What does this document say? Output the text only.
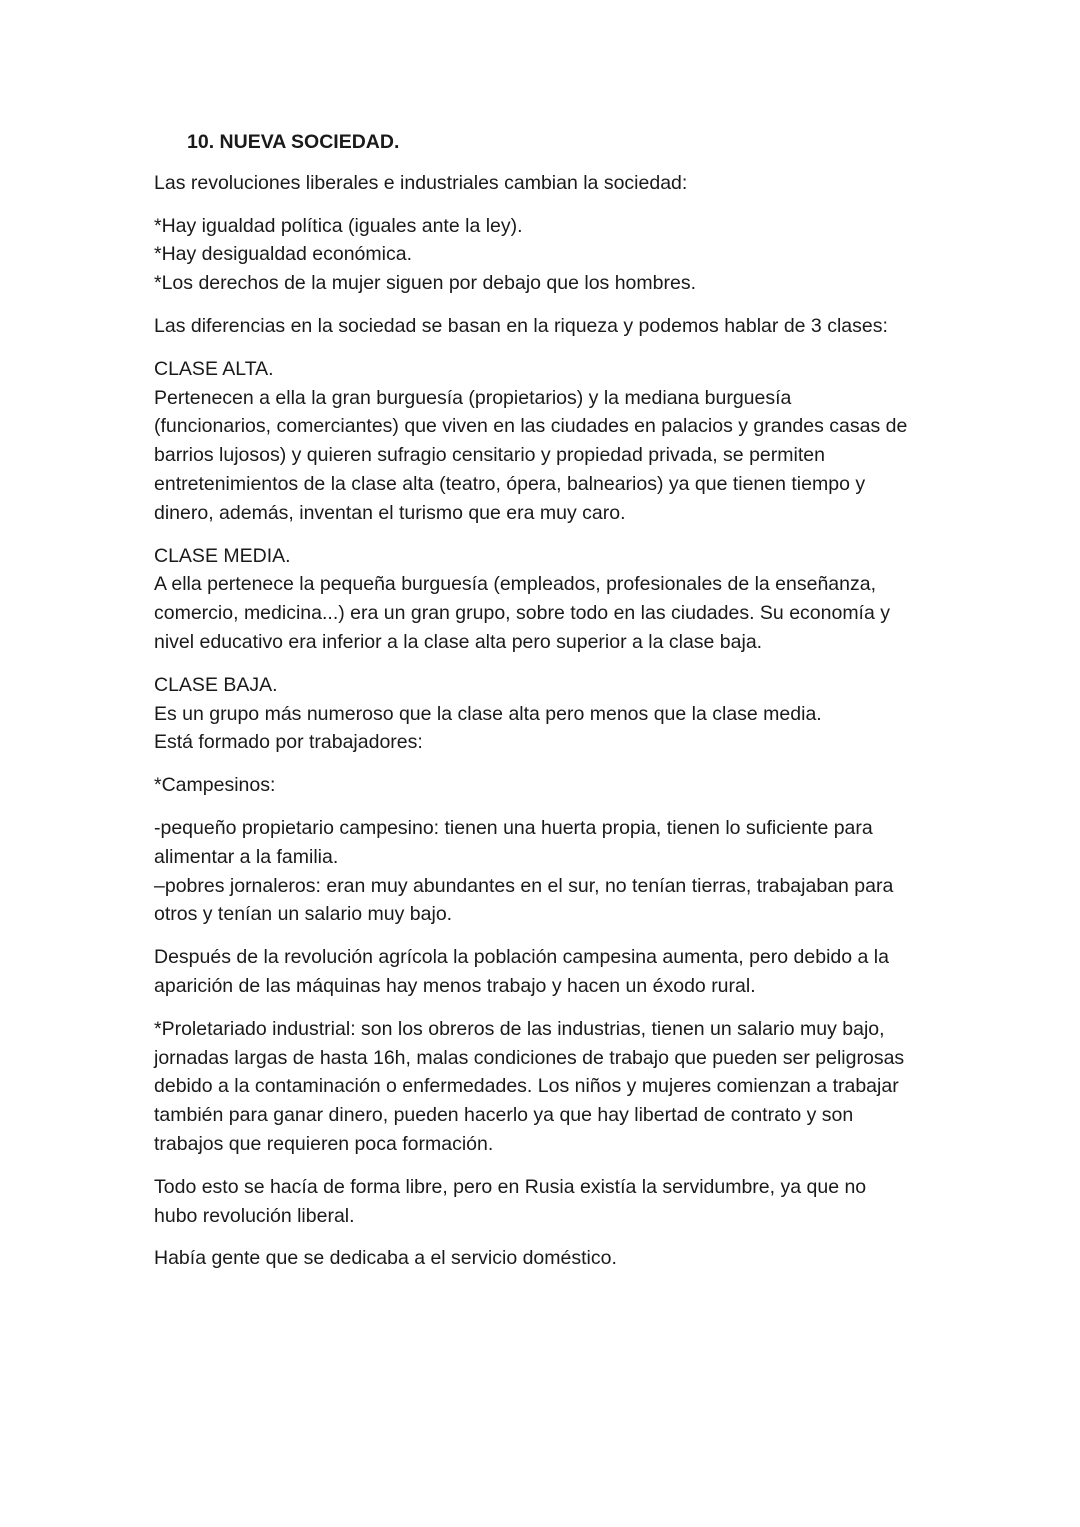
10. NUEVA SOCIEDAD.
Las revoluciones liberales e industriales cambian la sociedad:
*Hay igualdad política (iguales ante la ley).
*Hay desigualdad económica.
*Los derechos de la mujer siguen por debajo que los hombres.
Las diferencias en la sociedad se basan en la riqueza y podemos hablar de 3 clases:
CLASE ALTA.
Pertenecen a ella la gran burguesía (propietarios) y la mediana burguesía
(funcionarios, comerciantes) que viven en las ciudades en palacios y grandes casas de
barrios lujosos) y quieren sufragio censitario y propiedad privada, se permiten
entretenimientos de la clase alta (teatro, ópera, balnearios) ya que tienen tiempo y
dinero, además, inventan el turismo que era muy caro.
CLASE MEDIA.
A ella pertenece la pequeña burguesía (empleados, profesionales de la enseñanza,
comercio, medicina...) era un gran grupo, sobre todo en las ciudades. Su economía y
nivel educativo era inferior a la clase alta pero superior a la clase baja.
CLASE BAJA.
Es un grupo más numeroso que la clase alta pero menos que la clase media.
Está formado por trabajadores:
*Campesinos:
-pequeño propietario campesino: tienen una huerta propia, tienen lo suficiente para
alimentar a la familia.
–pobres jornaleros: eran muy abundantes en el sur, no tenían tierras, trabajaban para
otros y tenían un salario muy bajo.
Después de la revolución agrícola la población campesina aumenta, pero debido a la
aparición de las máquinas hay menos trabajo y hacen un éxodo rural.
*Proletariado industrial: son los obreros de las industrias, tienen un salario muy bajo,
jornadas largas de hasta 16h, malas condiciones de trabajo que pueden ser peligrosas
debido a la contaminación o enfermedades. Los niños y mujeres comienzan a trabajar
también para ganar dinero, pueden hacerlo ya que hay libertad de contrato y son
trabajos que requieren poca formación.
Todo esto se hacía de forma libre, pero en Rusia existía la servidumbre, ya que no
hubo revolución liberal.
Había gente que se dedicaba a el servicio doméstico.
